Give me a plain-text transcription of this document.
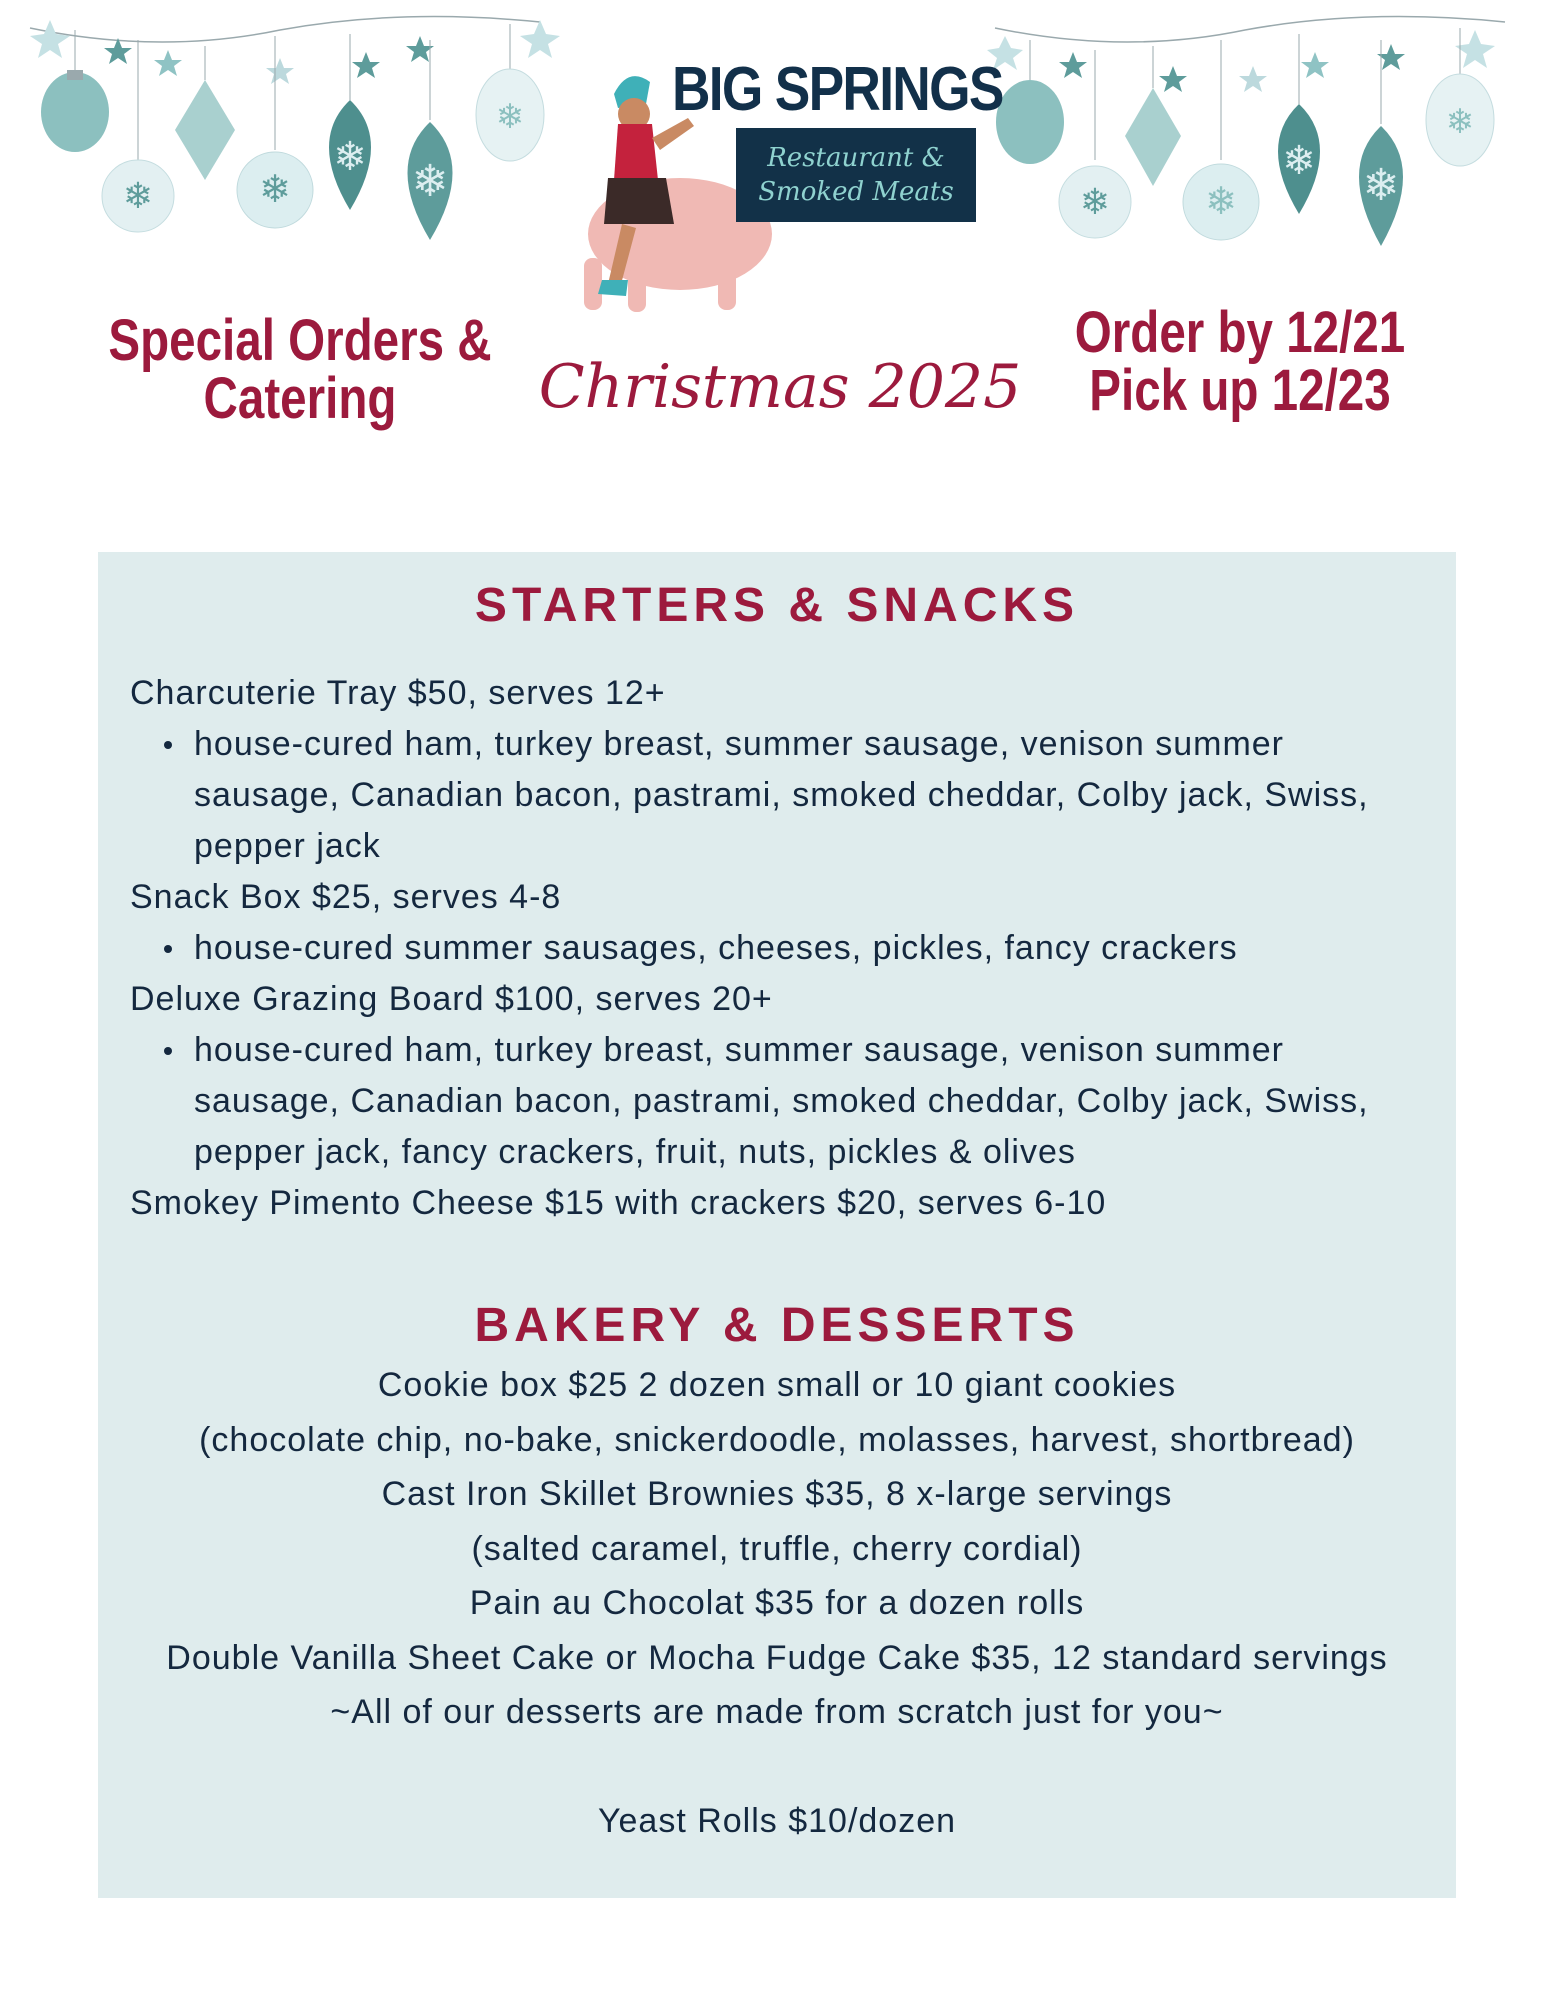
❄	❄
❄ ❄
❄
❄ ❄
❄ ❄
❄
BIG SPRINGS
Restaurant &
Smoked Meats
Special Orders &
Catering	Christmas 2025
Order by 12/21
Pick up 12/23
STARTERS & SNACKS
Charcuterie Tray $50, serves 12+
house-cured ham, turkey breast, summer sausage, venison summer sausage, Canadian bacon, pastrami, smoked cheddar, Colby jack, Swiss, pepper jack
Snack Box $25, serves 4-8
house-cured summer sausages, cheeses, pickles, fancy crackers
Deluxe Grazing Board $100, serves 20+
house-cured ham, turkey breast, summer sausage, venison summer sausage, Canadian bacon, pastrami, smoked cheddar, Colby jack, Swiss, pepper jack, fancy crackers, fruit, nuts, pickles & olives
Smokey Pimento Cheese $15 with crackers $20, serves 6-10
BAKERY & DESSERTS
Cookie box $25 2 dozen small or 10 giant cookies
(chocolate chip, no-bake, snickerdoodle, molasses, harvest, shortbread)
Cast Iron Skillet Brownies $35, 8 x-large servings
(salted caramel, truffle, cherry cordial)
Pain au Chocolat $35 for a dozen rolls
Double Vanilla Sheet Cake or Mocha Fudge Cake $35, 12 standard servings
~All of our desserts are made from scratch just for you~
Yeast Rolls $10/dozen
